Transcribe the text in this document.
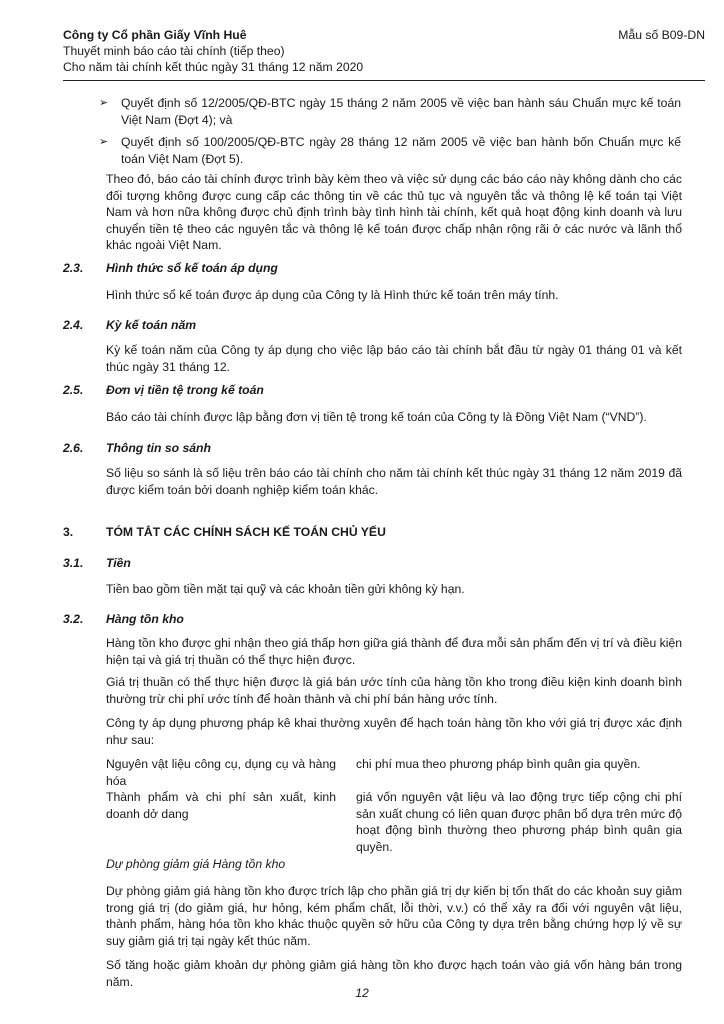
Công ty Cổ phần Giấy Vĩnh Huê	Mẫu số B09-DN
Thuyết minh báo cáo tài chính (tiếp theo)
Cho năm tài chính kết thúc ngày 31 tháng 12 năm 2020
➢ Quyết định số 12/2005/QĐ-BTC ngày 15 tháng 2 năm 2005 về việc ban hành sáu Chuẩn mực kế toán Việt Nam (Đợt 4); và
➢ Quyết định số 100/2005/QĐ-BTC ngày 28 tháng 12 năm 2005 về việc ban hành bốn Chuẩn mực kế toán Việt Nam (Đợt 5).
Theo đó, báo cáo tài chính được trình bày kèm theo và việc sử dụng các báo cáo này không dành cho các đối tượng không được cung cấp các thông tin về các thủ tục và nguyên tắc và thông lệ kế toán tại Việt Nam và hơn nữa không được chủ định trình bày tình hình tài chính, kết quả hoạt động kinh doanh và lưu chuyển tiền tệ theo các nguyên tắc và thông lệ kế toán được chấp nhận rộng rãi ở các nước và lãnh thổ khác ngoài Việt Nam.
2.3. Hình thức sổ kế toán áp dụng
Hình thức sổ kế toán được áp dụng của Công ty là Hình thức kế toán trên máy tính.
2.4. Kỳ kế toán năm
Kỳ kế toán năm của Công ty áp dụng cho việc lập báo cáo tài chính bắt đầu từ ngày 01 tháng 01 và kết thúc ngày 31 tháng 12.
2.5. Đơn vị tiền tệ trong kế toán
Báo cáo tài chính được lập bằng đơn vị tiền tệ trong kế toán của Công ty là Đồng Việt Nam (“VND”).
2.6. Thông tin so sánh
Số liệu so sánh là số liệu trên báo cáo tài chính cho năm tài chính kết thúc ngày 31 tháng 12 năm 2019 đã được kiểm toán bởi doanh nghiệp kiểm toán khác.
3.	TÓM TẮT CÁC CHÍNH SÁCH KẾ TOÁN CHỦ YẾU
3.1. Tiền
Tiền bao gồm tiền mặt tại quỹ và các khoản tiền gửi không kỳ hạn.
3.2. Hàng tồn kho
Hàng tồn kho được ghi nhận theo giá thấp hơn giữa giá thành để đưa mỗi sản phẩm đến vị trí và điều kiện hiện tại và giá trị thuần có thể thực hiện được.
Giá trị thuần có thể thực hiện được là giá bán ước tính của hàng tồn kho trong điều kiện kinh doanh bình thường trừ chi phí ước tính để hoàn thành và chi phí bán hàng ước tính.
Công ty áp dụng phương pháp kê khai thường xuyên để hạch toán hàng tồn kho với giá trị được xác định như sau:
Nguyên vật liệu công cụ, dụng cụ và hàng hóa
chi phí mua theo phương pháp bình quân gia quyền.
Thành phẩm và chi phí sản xuất, kinh doanh dở dang
giá vốn nguyên vật liệu và lao động trực tiếp cộng chi phí sản xuất chung có liên quan được phân bổ dựa trên mức độ hoạt động bình thường theo phương pháp bình quân gia quyền.
Dự phòng giảm giá Hàng tồn kho
Dự phòng giảm giá hàng tồn kho được trích lập cho phần giá trị dự kiến bị tổn thất do các khoản suy giảm trong giá trị (do giảm giá, hư hỏng, kém phẩm chất, lỗi thời, v.v.) có thể xảy ra đối với nguyên vật liệu, thành phẩm, hàng hóa tồn kho khác thuộc quyền sở hữu của Công ty dựa trên bằng chứng hợp lý về sự suy giảm giá trị tại ngày kết thúc năm.
Số tăng hoặc giảm khoản dự phòng giảm giá hàng tồn kho được hạch toán vào giá vốn hàng bán trong năm.
12
